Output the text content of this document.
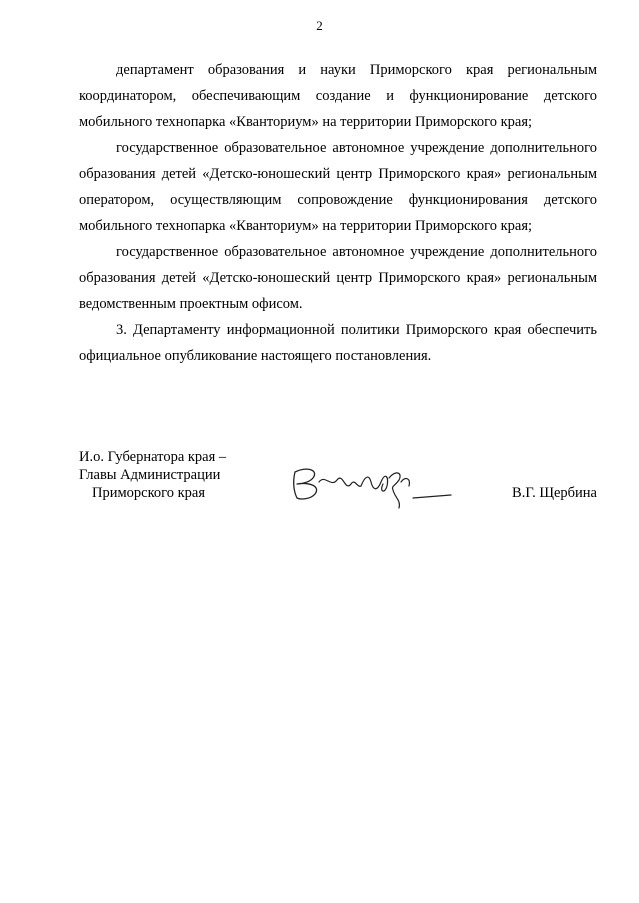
2

департамент образования и науки Приморского края региональным координатором, обеспечивающим создание и функционирование детского мобильного технопарка «Кванториум» на территории Приморского края;

государственное образовательное автономное учреждение дополнительного образования детей «Детско-юношеский центр Приморского края» региональным оператором, осуществляющим сопровождение функционирования детского мобильного технопарка «Кванториум» на территории Приморского края;

государственное образовательное автономное учреждение дополнительного образования детей «Детско-юношеский центр Приморского края» региональным ведомственным проектным офисом.

3. Департаменту информационной политики Приморского края обеспечить официальное опубликование настоящего постановления.

И.о. Губернатора края –
Главы Администрации
Приморского края	В.Г. Щербина
